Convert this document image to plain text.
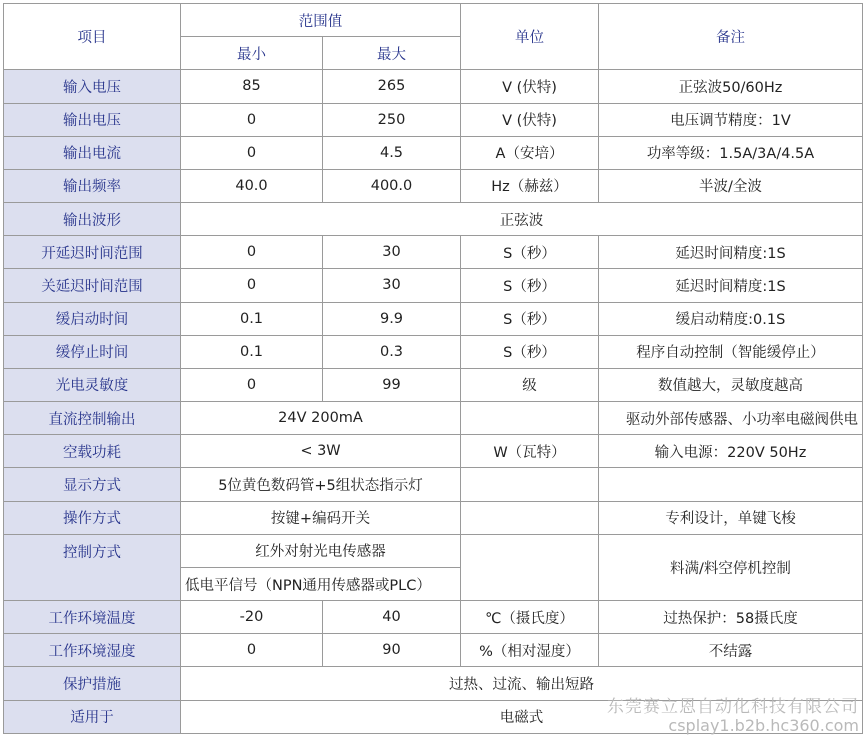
项目	范围值		单位	备注
	最小	最大		
输入电压	85	265	V (伏特)	正弦波50/60Hz
输出电压	0	250	V (伏特)	电压调节精度：1V
输出电流	0	4.5	A（安培）	功率等级：1.5A/3A/4.5A
输出频率	40.0	400.0	Hz（赫兹）	半波/全波
输出波形	正弦波			
开延迟时间范围	0	30	S（秒）	延迟时间精度:1S
关延迟时间范围	0	30	S（秒）	延迟时间精度:1S
缓启动时间	0.1	9.9	S（秒）	缓启动精度:0.1S
缓停止时间	0.1	0.3	S（秒）	程序自动控制（智能缓停止）
光电灵敏度	0	99	级	数值越大，灵敏度越高
直流控制输出	24V 200mA			驱动外部传感器、小功率电磁阀供电
空载功耗	< 3W		W（瓦特）	输入电源：220V 50Hz
显示方式	5位黄色数码管+5组状态指示灯			
操作方式	按键+编码开关			专利设计，单键飞梭
控制方式	红外对射光电传感器			料满/料空停机控制
	低电平信号（NPN通用传感器或PLC）			
工作环境温度	-20	40	℃（摄氏度）	过热保护：58摄氏度
工作环境湿度	0	90	%（相对湿度）	不结露
保护措施	过热、过流、输出短路			
适用于	电磁式			
东莞赛立恩自动化科技有限公司
csplay1.b2b.hc360.com
